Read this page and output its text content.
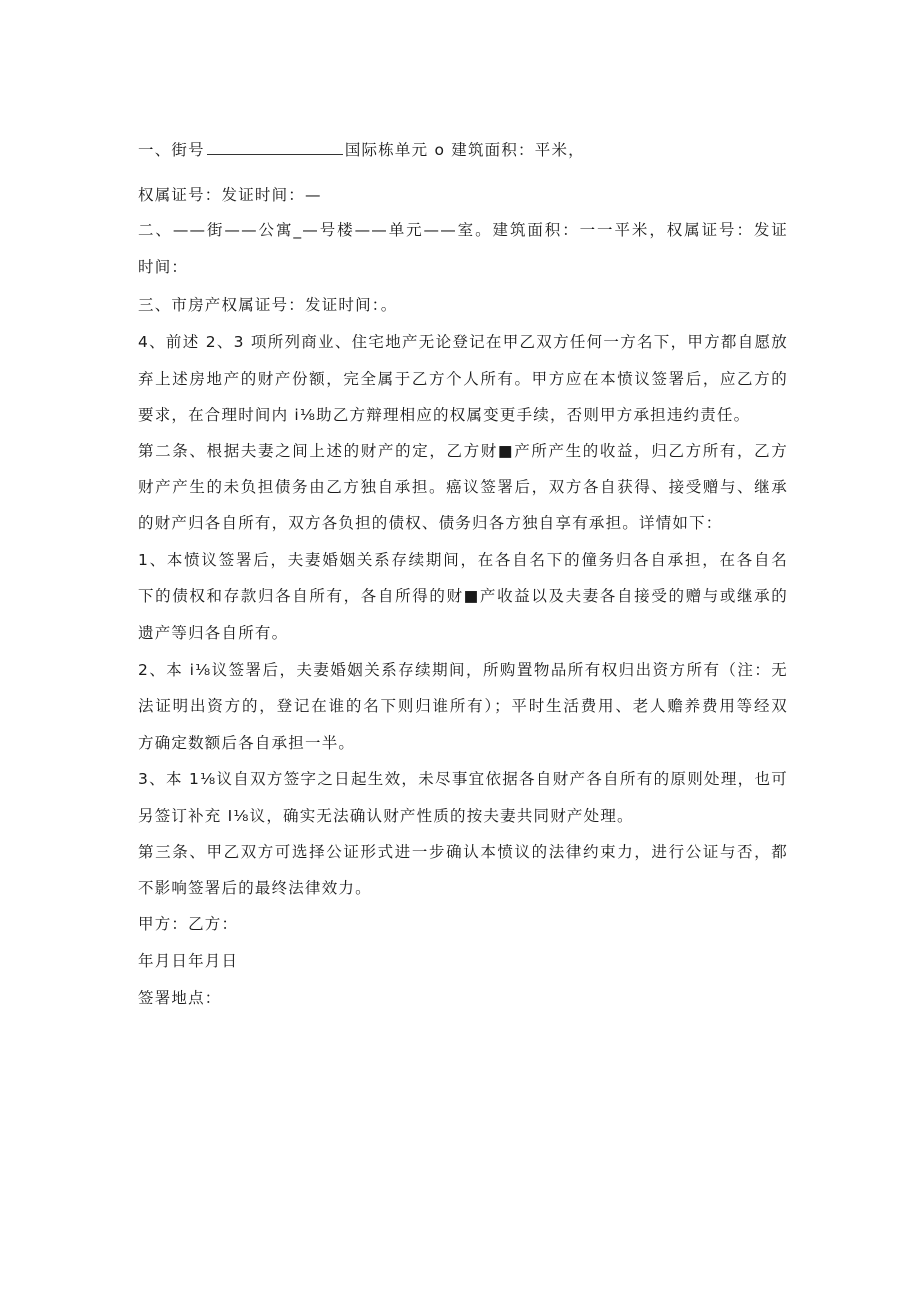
一、街号	国际栋单元 o 建筑面积：平米，
权属证号：发证时间：—
二、——街——公寓_—号楼——单元——室。建筑面积：一一平米，权属证号：发证
时间：
三、市房产权属证号：发证时间：。
4、前述 2、3 项所列商业、住宅地产无论登记在甲乙双方任何一方名下，甲方都自愿放
弃上述房地产的财产份额，完全属于乙方个人所有。甲方应在本愤议签署后，应乙方的
要求，在合理时间内 i⅛助乙方辩理相应的权属变更手续，否则甲方承担违约责任。
第二条、根据夫妻之间上述的财产的定，乙方财■产所产生的收益，归乙方所有，乙方
财产产生的未负担债务由乙方独自承担。癌议签署后，双方各自获得、接受赠与、继承
的财产归各自所有，双方各负担的债权、债务归各方独自享有承担。详情如下：
1、本愤议签署后，夫妻婚姻关系存续期间，在各自名下的僮务归各自承担，在各自名
下的债权和存款归各自所有，各自所得的财■产收益以及夫妻各自接受的赠与或继承的
遗产等归各自所有。
2、本 i⅛议签署后，夫妻婚姻关系存续期间，所购置物品所有权归出资方所有（注：无
法证明出资方的，登记在谁的名下则归谁所有）；平时生活费用、老人赡养费用等经双
方确定数额后各自承担一半。
3、本 1⅛议自双方签字之日起生效，未尽事宜依据各自财产各自所有的原则处理，也可
另签订补充 I⅛议，确实无法确认财产性质的按夫妻共同财产处理。
第三条、甲乙双方可选择公证形式进一步确认本愤议的法律约束力，进行公证与否，都
不影响签署后的最终法律效力。
甲方：乙方：
年月日年月日
签署地点：
